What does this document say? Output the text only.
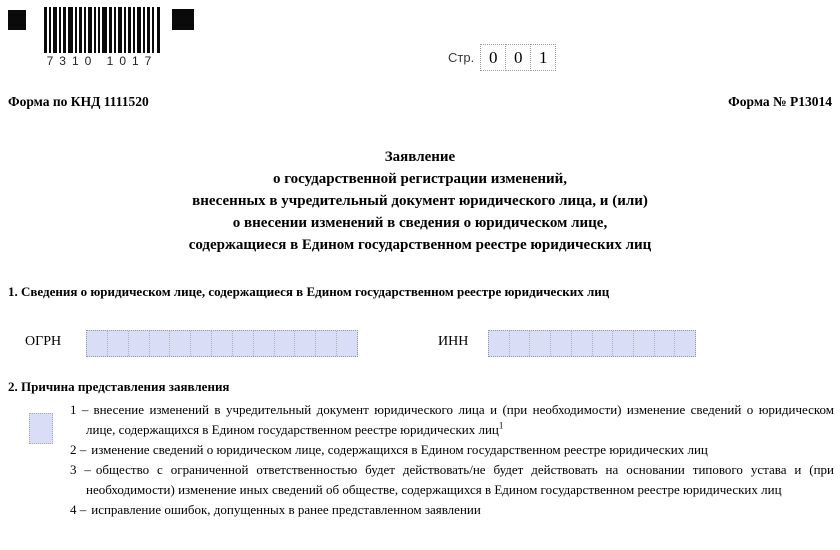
7310 1017	Стр. 0 0 1
Форма по КНД 1111520	Форма № Р13014
Заявление
о государственной регистрации изменений,
внесенных в учредительный документ юридического лица, и (или)
о внесении изменений в сведения о юридическом лице,
содержащиеся в Едином государственном реестре юридических лиц
1. Сведения о юридическом лице, содержащиеся в Едином государственном реестре юридических лиц
ОГРН	ИНН
2. Причина представления заявления
1 – внесение изменений в учредительный документ юридического лица и (при необходимости) изменение сведений о юридическом лице, содержащихся в Едином государственном реестре юридических лиц$^1$
2 – изменение сведений о юридическом лице, содержащихся в Едином государственном реестре юридических лиц
3 – общество с ограниченной ответственностью будет действовать/не будет действовать на основании типового устава и (при необходимости) изменение иных сведений об обществе, содержащихся в Едином государственном реестре юридических лиц
4 – исправление ошибок, допущенных в ранее представленном заявлении
